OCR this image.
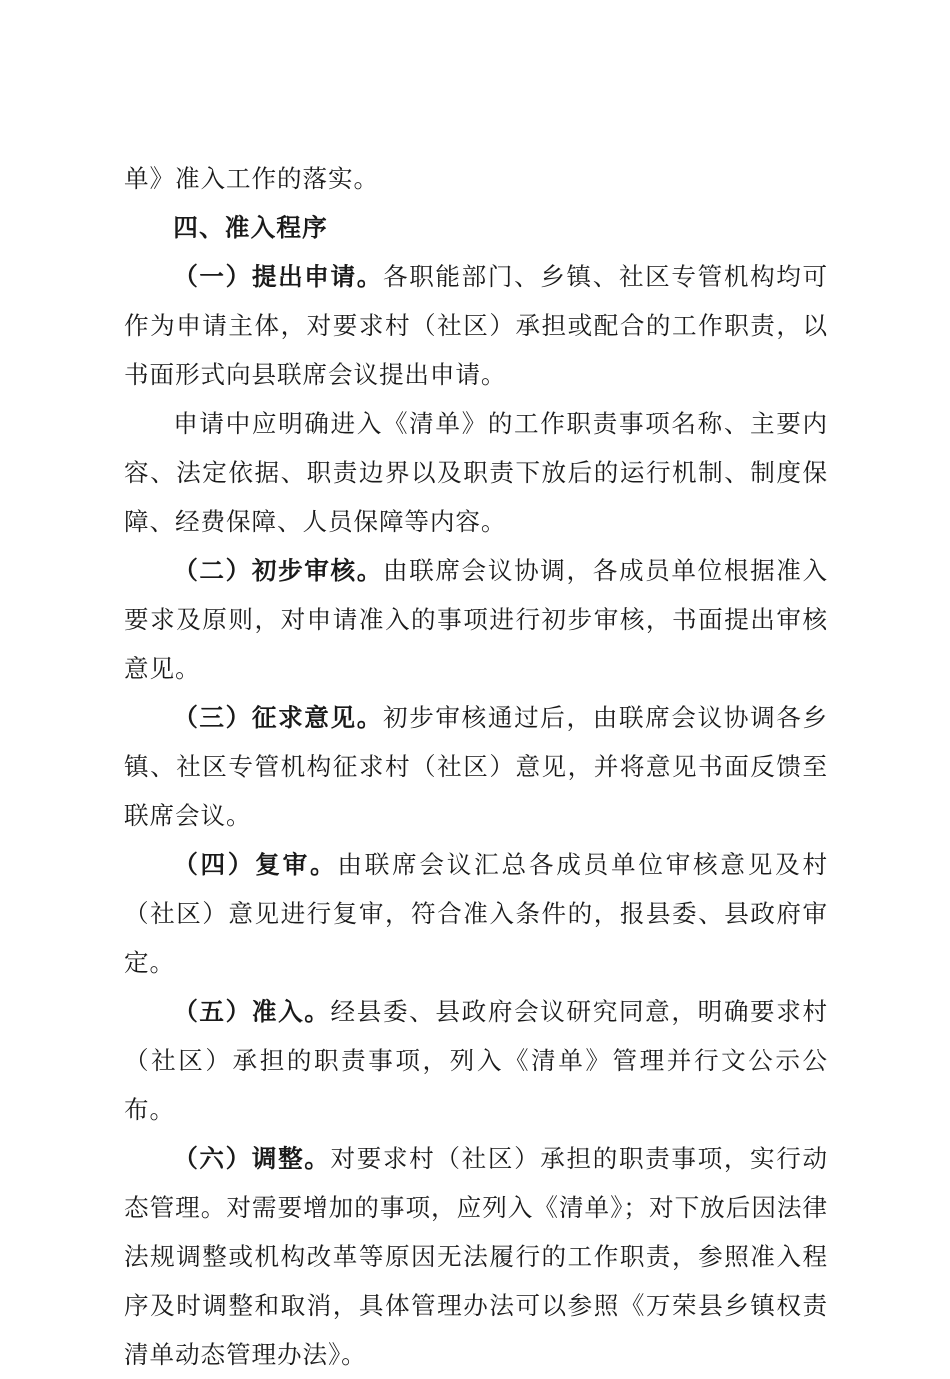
单》准入工作的落实。

四、准入程序

（一）提出申请。各职能部门、乡镇、社区专管机构均可作为申请主体，对要求村（社区）承担或配合的工作职责，以书面形式向县联席会议提出申请。

申请中应明确进入《清单》的工作职责事项名称、主要内容、法定依据、职责边界以及职责下放后的运行机制、制度保障、经费保障、人员保障等内容。

（二）初步审核。由联席会议协调，各成员单位根据准入要求及原则，对申请准入的事项进行初步审核，书面提出审核意见。

（三）征求意见。初步审核通过后，由联席会议协调各乡镇、社区专管机构征求村（社区）意见，并将意见书面反馈至联席会议。

（四）复审。由联席会议汇总各成员单位审核意见及村（社区）意见进行复审，符合准入条件的，报县委、县政府审定。

（五）准入。经县委、县政府会议研究同意，明确要求村（社区）承担的职责事项，列入《清单》管理并行文公示公布。

（六）调整。对要求村（社区）承担的职责事项，实行动态管理。对需要增加的事项，应列入《清单》；对下放后因法律法规调整或机构改革等原因无法履行的工作职责，参照准入程序及时调整和取消，具体管理办法可以参照《万荣县乡镇权责清单动态管理办法》。
